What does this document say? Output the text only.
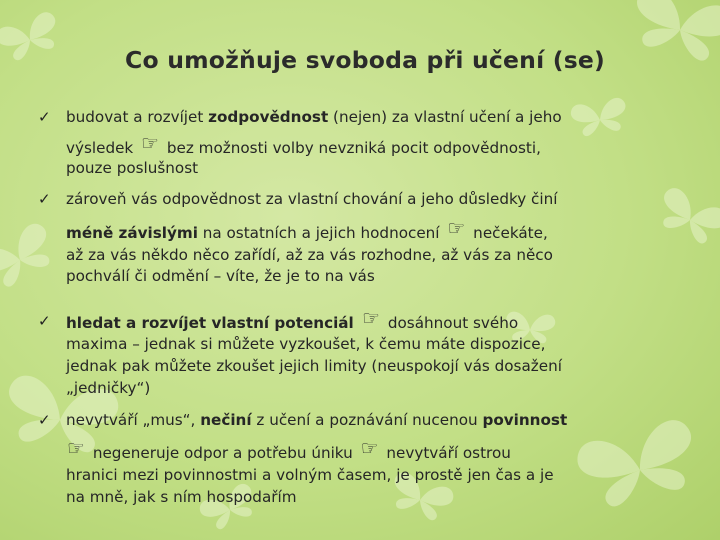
Co umožňuje svoboda při učení (se)
✓ budovat a rozvíjet zodpovědnost (nejen) za vlastní učení a jeho
výsledek ☞ bez možnosti volby nevzniká pocit odpovědnosti,
pouze poslušnost
✓ zároveň vás odpovědnost za vlastní chování a jeho důsledky činí
méně závislými na ostatních a jejich hodnocení ☞ nečekáte,
až za vás někdo něco zařídí, až za vás rozhodne, až vás za něco
pochválí či odmění – víte, že je to na vás
✓ hledat a rozvíjet vlastní potenciál ☞ dosáhnout svého
maxima – jednak si můžete vyzkoušet, k čemu máte dispozice,
jednak pak můžete zkoušet jejich limity (neuspokojí vás dosažení
„jedničky“)
✓ nevytváří „mus“, nečiní z učení a poznávání nucenou povinnost
☞ negeneruje odpor a potřebu úniku ☞ nevytváří ostrou
hranici mezi povinnostmi a volným časem, je prostě jen čas a je
na mně, jak s ním hospodařím
